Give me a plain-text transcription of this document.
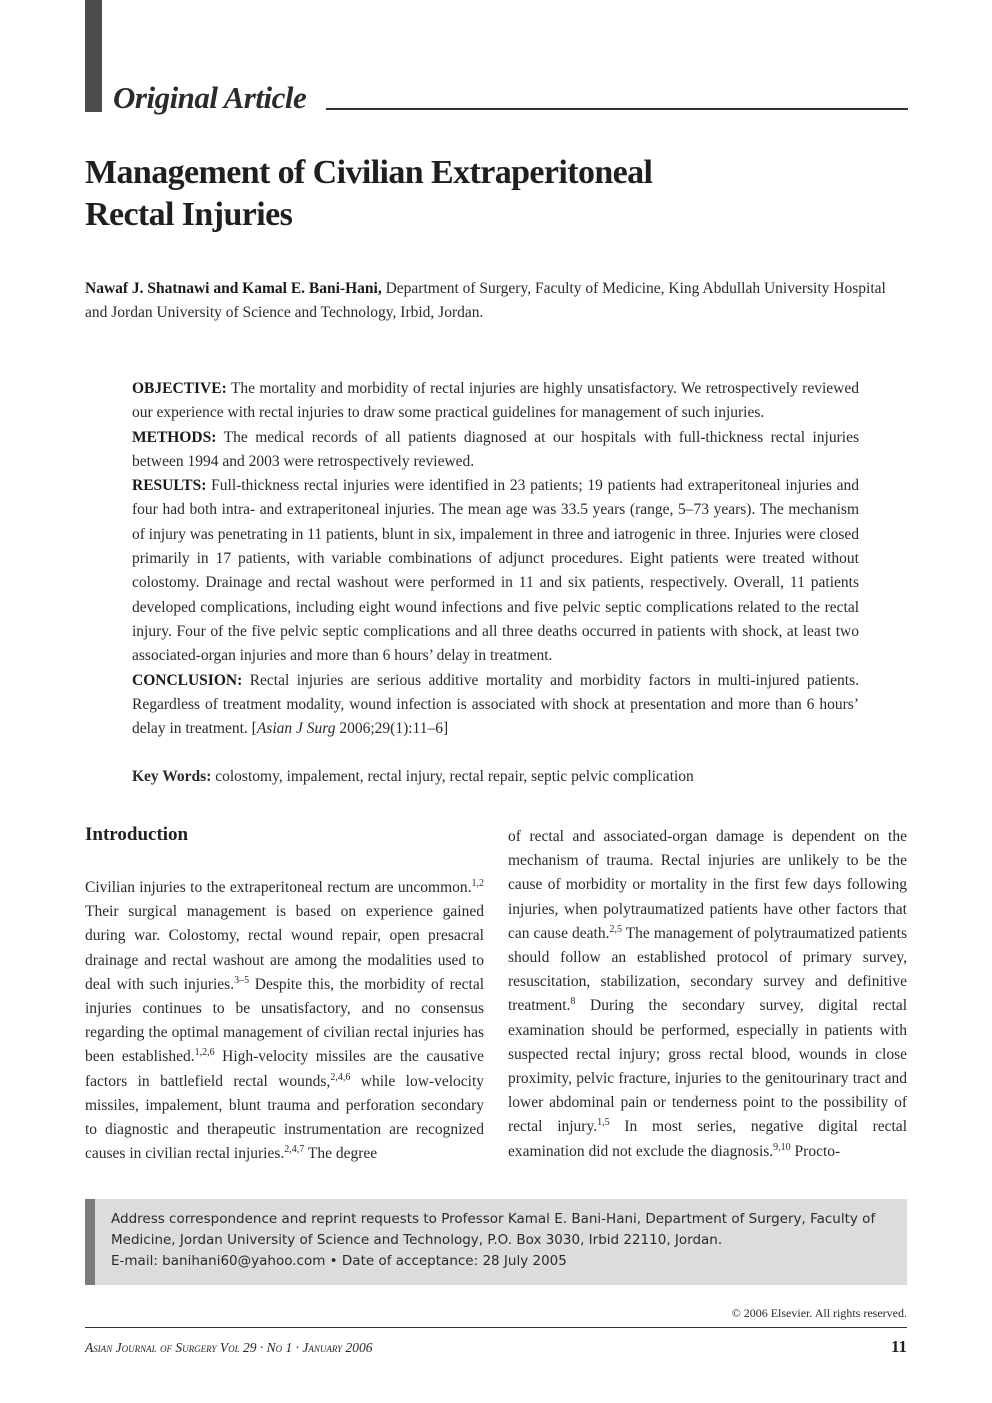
Original Article
Management of Civilian Extraperitoneal
Rectal Injuries
Nawaf J. Shatnawi and Kamal E. Bani-Hani, Department of Surgery, Faculty of Medicine, King Abdullah University Hospital and Jordan University of Science and Technology, Irbid, Jordan.

OBJECTIVE: The mortality and morbidity of rectal injuries are highly unsatisfactory. We retrospectively reviewed our experience with rectal injuries to draw some practical guidelines for management of such injuries.

METHODS: The medical records of all patients diagnosed at our hospitals with full-thickness rectal injuries between 1994 and 2003 were retrospectively reviewed.

RESULTS: Full-thickness rectal injuries were identified in 23 patients; 19 patients had extraperitoneal injuries and four had both intra- and extraperitoneal injuries. The mean age was 33.5 years (range, 5–73 years). The mechanism of injury was penetrating in 11 patients, blunt in six, impalement in three and iatrogenic in three. Injuries were closed primarily in 17 patients, with variable combinations of adjunct procedures. Eight patients were treated without colostomy. Drainage and rectal washout were performed in 11 and six patients, respectively. Overall, 11 patients developed complications, including eight wound infections and five pelvic septic complications related to the rectal injury. Four of the five pelvic septic complications and all three deaths occurred in patients with shock, at least two associated-organ injuries and more than 6 hours’ delay in treatment.

CONCLUSION: Rectal injuries are serious additive mortality and morbidity factors in multi-injured patients. Regardless of treatment modality, wound infection is associated with shock at presentation and more than 6 hours’ delay in treatment. [Asian J Surg 2006;29(1):11–6]

Key Words: colostomy, impalement, rectal injury, rectal repair, septic pelvic complication
Introduction

Civilian injuries to the extraperitoneal rectum are uncommon.$^{1,2}$ Their surgical management is based on experience gained during war. Colostomy, rectal wound repair, open presacral drainage and rectal washout are among the modalities used to deal with such injuries.$^{3-5}$ Despite this, the morbidity of rectal injuries continues to be unsatisfactory, and no consensus regarding the optimal management of civilian rectal injuries has been established.$^{1,2,6}$ High-velocity missiles are the causative factors in battlefield rectal wounds,$^{2,4,6}$ while low-velocity missiles, impalement, blunt trauma and perforation secondary to diagnostic and therapeutic instrumentation are recognized causes in civilian rectal injuries.$^{2,4,7}$ The degree

of rectal and associated-organ damage is dependent on the mechanism of trauma. Rectal injuries are unlikely to be the cause of morbidity or mortality in the first few days following injuries, when polytraumatized patients have other factors that can cause death.$^{2,5}$ The management of polytraumatized patients should follow an established protocol of primary survey, resuscitation, stabilization, secondary survey and definitive treatment.$^8$ During the secondary survey, digital rectal examination should be performed, especially in patients with suspected rectal injury; gross rectal blood, wounds in close proximity, pelvic fracture, injuries to the genitourinary tract and lower abdominal pain or tenderness point to the possibility of rectal injury.$^{1,5}$ In most series, negative digital rectal examination did not exclude the diagnosis.$^{9,10}$ Procto-

Address correspondence and reprint requests to Professor Kamal E. Bani-Hani, Department of Surgery, Faculty of Medicine, Jordan University of Science and Technology, P.O. Box 3030, Irbid 22110, Jordan.
E-mail: banihani60@yahoo.com • Date of acceptance: 28 July 2005
© 2006 Elsevier. All rights reserved.
Asian Journal of Surgery Vol 29 · No 1 · January 2006	11
